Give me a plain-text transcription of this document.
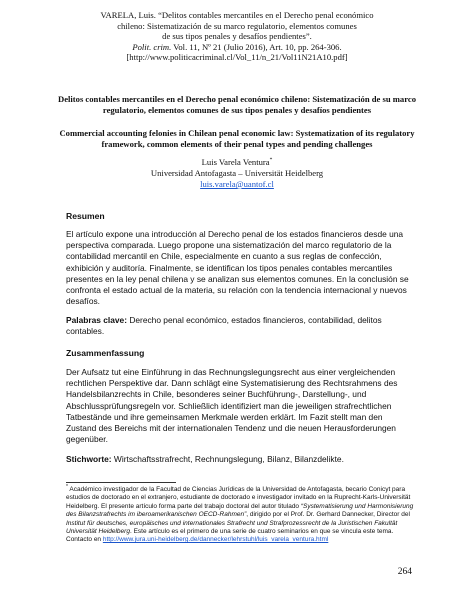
VARELA, Luis. “Delitos contables mercantiles en el Derecho penal económico
chileno: Sistematización de su marco regulatorio, elementos comunes
de sus tipos penales y desafíos pendientes”.
Polit. crim. Vol. 11, Nº 21 (Julio 2016), Art. 10, pp. 264-306.
[http://www.politicacriminal.cl/Vol_11/n_21/Vol11N21A10.pdf]
Delitos contables mercantiles en el Derecho penal económico chileno: Sistematización de su marco regulatorio, elementos comunes de sus tipos penales y desafíos pendientes
Commercial accounting felonies in Chilean penal economic law: Systematization of its regulatory framework, common elements of their penal types and pending challenges
Luis Varela Ventura*
Universidad Antofagasta – Universität Heidelberg
luis.varela@uantof.cl
Resumen
El artículo expone una introducción al Derecho penal de los estados financieros desde una perspectiva comparada. Luego propone una sistematización del marco regulatorio de la contabilidad mercantil en Chile, especialmente en cuanto a sus reglas de confección, exhibición y auditoría. Finalmente, se identifican los tipos penales contables mercantiles presentes en la ley penal chilena y se analizan sus elementos comunes. En la conclusión se confronta el estado actual de la materia, su relación con la tendencia internacional y nuevos desafíos.
Palabras clave: Derecho penal económico, estados financieros, contabilidad, delitos contables.
Zusammenfassung
Der Aufsatz tut eine Einführung in das Rechnungslegungsrecht aus einer vergleichenden rechtlichen Perspektive dar. Dann schlägt eine Systematisierung des Rechtsrahmens des Handelsbilanzrechts in Chile, besonderes seiner Buchführung-, Darstellung-, und Abschlussprüfungsregeln vor. Schließlich identifiziert man die jeweiligen strafrechtlichen Tatbestände und ihre gemeinsamen Merkmale werden erklärt. Im Fazit stellt man den Zustand des Bereichs mit der internationalen Tendenz und die neuen Herausforderungen gegenüber.
Stichworte: Wirtschaftsstrafrecht, Rechnungslegung, Bilanz, Bilanzdelikte.
* Académico investigador de la Facultad de Ciencias Jurídicas de la Universidad de Antofagasta, becario Conicyt para estudios de doctorado en el extranjero, estudiante de doctorado e investigador invitado en la Ruprecht-Karls-Universität Heidelberg. El presente artículo forma parte del trabajo doctoral del autor titulado “Systematisierung und Harmonisierung des Bilanzstrafrechts im iberoamerikanischen OECD-Rahmen”, dirigido por el Prof. Dr. Gerhard Dannecker, Director del Institut für deutsches, europäisches und internationales Strafrecht und Strafprozessrecht de la Juristischen Fakultät Universität Heidelberg. Este artículo es el primero de una serie de cuatro seminarios en que se vincula este tema. Contacto en http://www.jura.uni-heidelberg.de/dannecker/lehrstuhl/luis_varela_ventura.html
264
